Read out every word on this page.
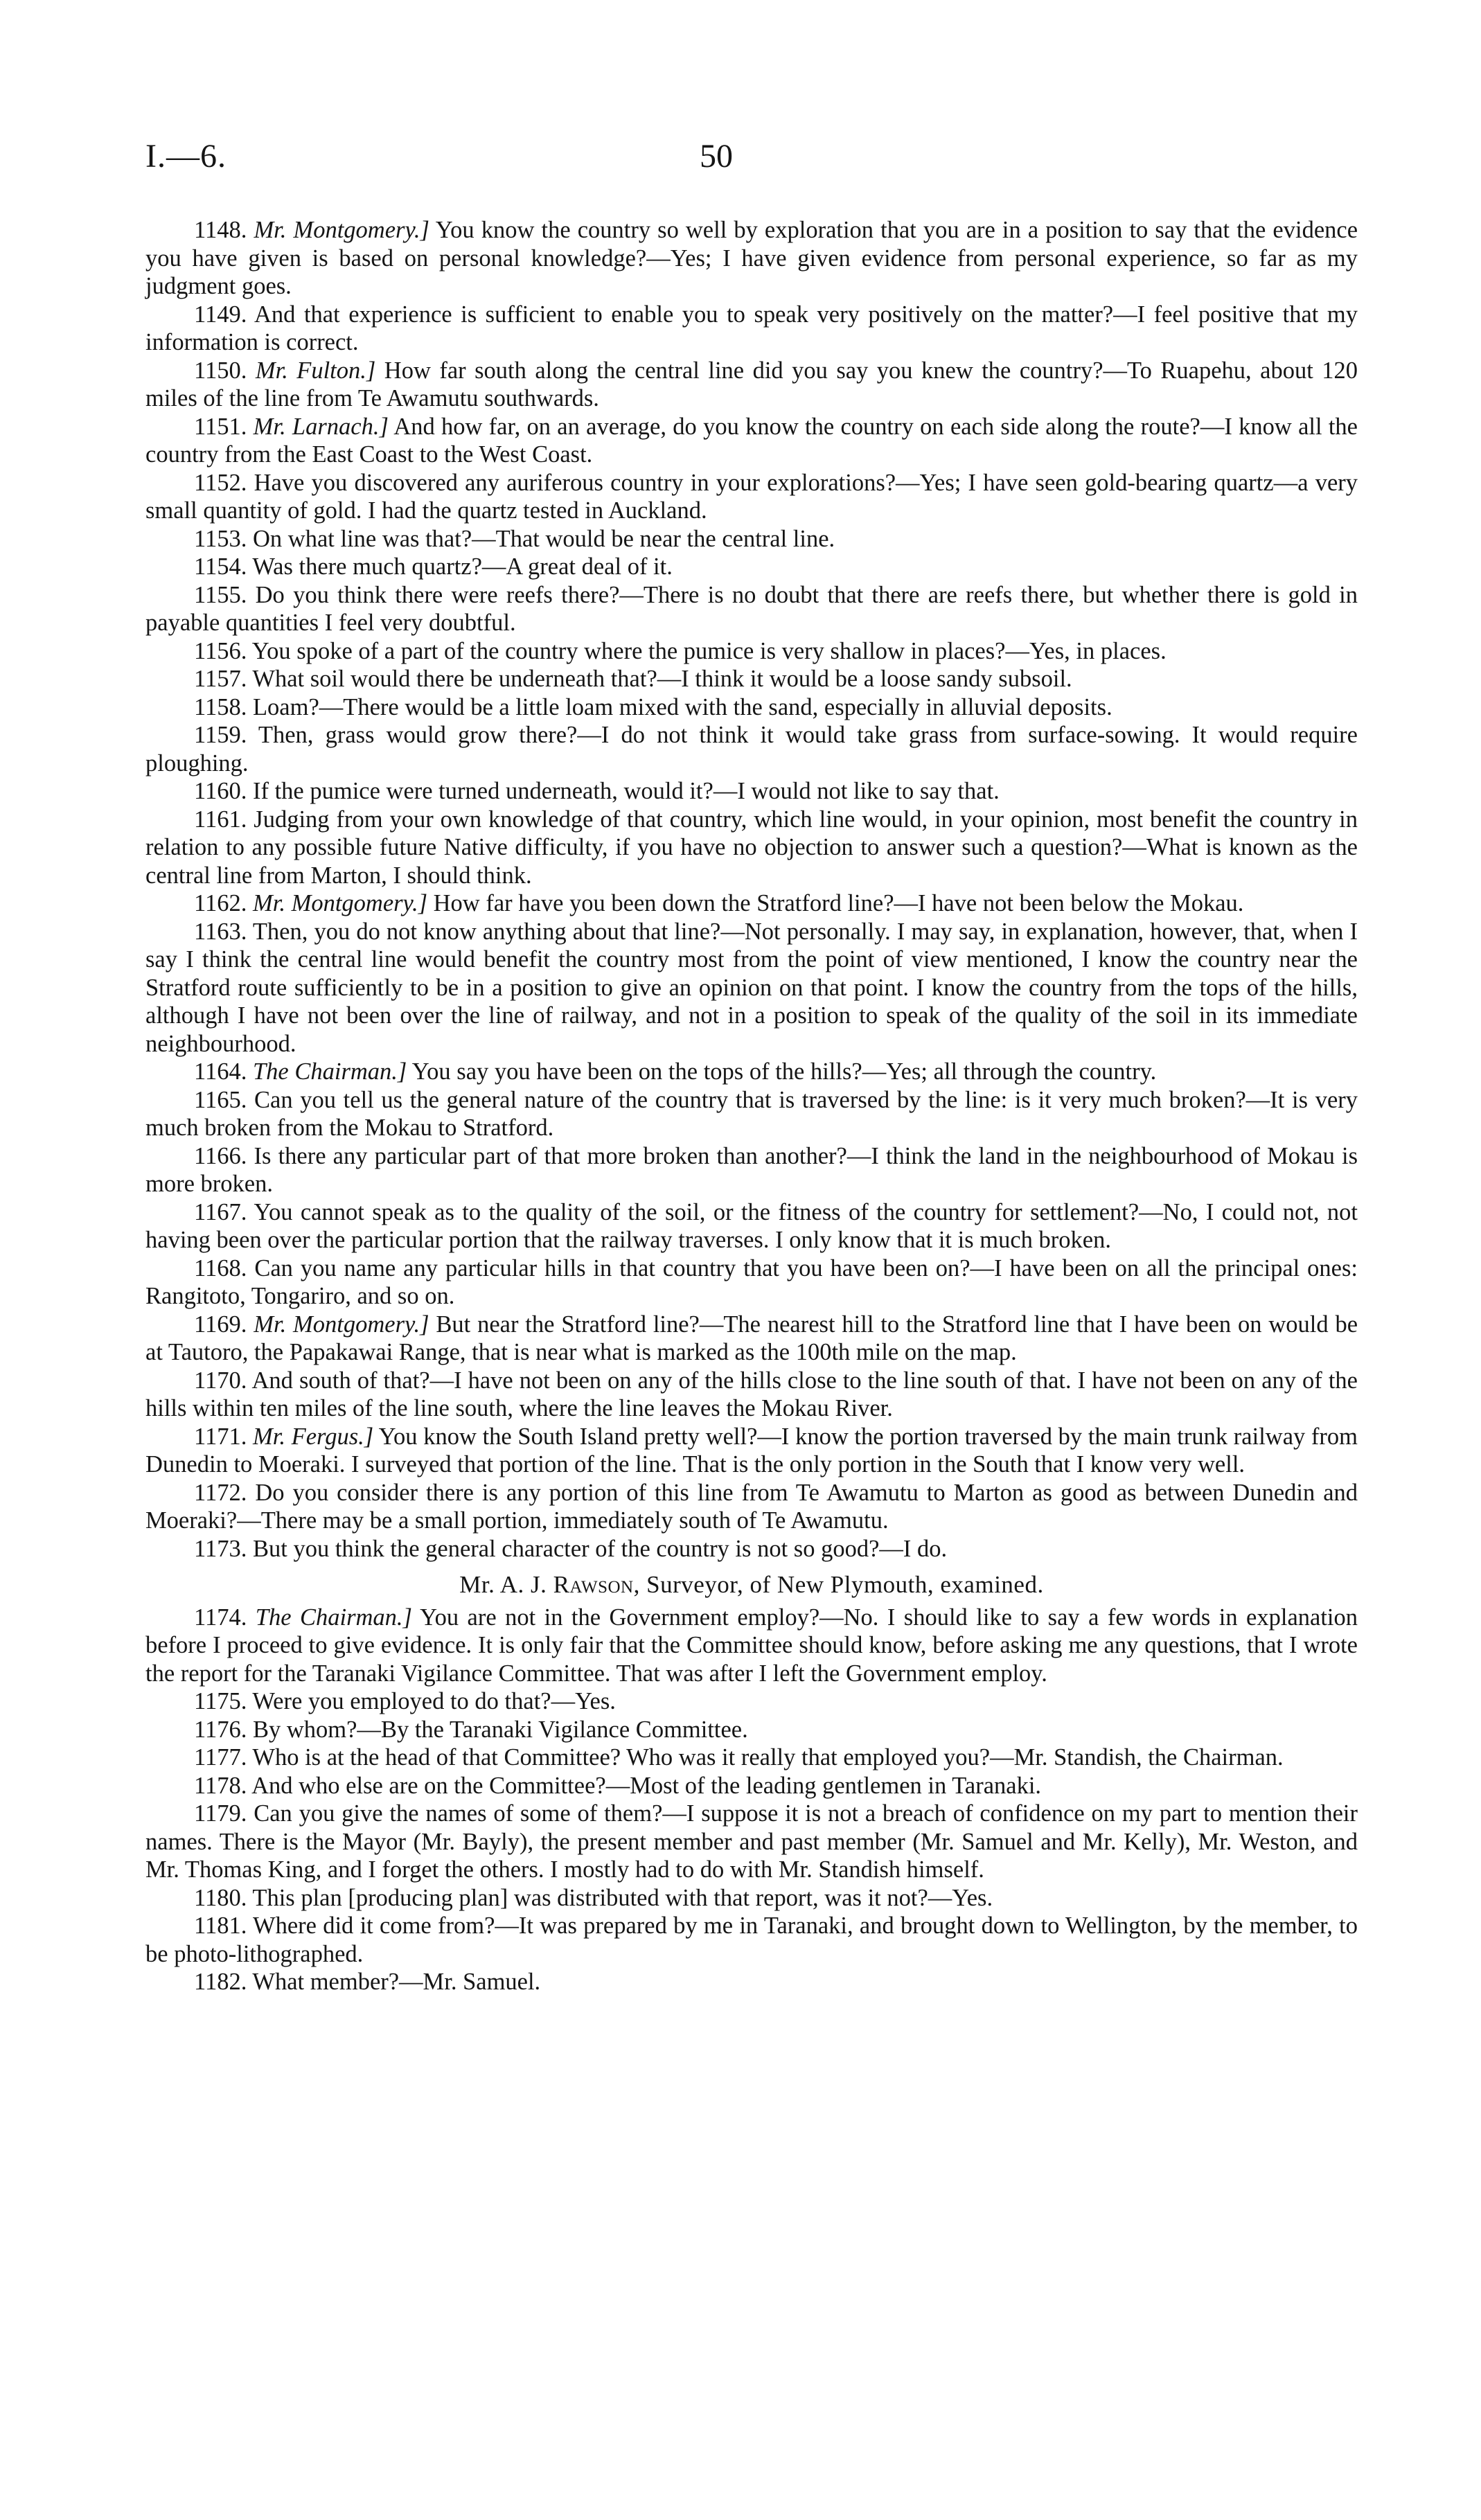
I.—6.	50

1148. Mr. Montgomery.] You know the country so well by exploration that you are in a position to say that the evidence you have given is based on personal knowledge?—Yes; I have given evidence from personal experience, so far as my judgment goes.

1149. And that experience is sufficient to enable you to speak very positively on the matter?—I feel positive that my information is correct.

1150. Mr. Fulton.] How far south along the central line did you say you knew the country?—To Ruapehu, about 120 miles of the line from Te Awamutu southwards.

1151. Mr. Larnach.] And how far, on an average, do you know the country on each side along the route?—I know all the country from the East Coast to the West Coast.

1152. Have you discovered any auriferous country in your explorations?—Yes; I have seen gold-bearing quartz—a very small quantity of gold. I had the quartz tested in Auckland.

1153. On what line was that?—That would be near the central line.

1154. Was there much quartz?—A great deal of it.

1155. Do you think there were reefs there?—There is no doubt that there are reefs there, but whether there is gold in payable quantities I feel very doubtful.

1156. You spoke of a part of the country where the pumice is very shallow in places?—Yes, in places.

1157. What soil would there be underneath that?—I think it would be a loose sandy subsoil.

1158. Loam?—There would be a little loam mixed with the sand, especially in alluvial deposits.

1159. Then, grass would grow there?—I do not think it would take grass from surface-sowing. It would require ploughing.

1160. If the pumice were turned underneath, would it?—I would not like to say that.

1161. Judging from your own knowledge of that country, which line would, in your opinion, most benefit the country in relation to any possible future Native difficulty, if you have no objection to answer such a question?—What is known as the central line from Marton, I should think.

1162. Mr. Montgomery.] How far have you been down the Stratford line?—I have not been below the Mokau.

1163. Then, you do not know anything about that line?—Not personally. I may say, in explanation, however, that, when I say I think the central line would benefit the country most from the point of view mentioned, I know the country near the Stratford route sufficiently to be in a position to give an opinion on that point. I know the country from the tops of the hills, although I have not been over the line of railway, and not in a position to speak of the quality of the soil in its immediate neighbourhood.

1164. The Chairman.] You say you have been on the tops of the hills?—Yes; all through the country.

1165. Can you tell us the general nature of the country that is traversed by the line: is it very much broken?—It is very much broken from the Mokau to Stratford.

1166. Is there any particular part of that more broken than another?—I think the land in the neighbourhood of Mokau is more broken.

1167. You cannot speak as to the quality of the soil, or the fitness of the country for settlement?—No, I could not, not having been over the particular portion that the railway traverses. I only know that it is much broken.

1168. Can you name any particular hills in that country that you have been on?—I have been on all the principal ones: Rangitoto, Tongariro, and so on.

1169. Mr. Montgomery.] But near the Stratford line?—The nearest hill to the Stratford line that I have been on would be at Tautoro, the Papakawai Range, that is near what is marked as the 100th mile on the map.

1170. And south of that?—I have not been on any of the hills close to the line south of that. I have not been on any of the hills within ten miles of the line south, where the line leaves the Mokau River.

1171. Mr. Fergus.] You know the South Island pretty well?—I know the portion traversed by the main trunk railway from Dunedin to Moeraki. I surveyed that portion of the line. That is the only portion in the South that I know very well.

1172. Do you consider there is any portion of this line from Te Awamutu to Marton as good as between Dunedin and Moeraki?—There may be a small portion, immediately south of Te Awamutu.

1173. But you think the general character of the country is not so good?—I do.

Mr. A. J. Rawson, Surveyor, of New Plymouth, examined.

1174. The Chairman.] You are not in the Government employ?—No. I should like to say a few words in explanation before I proceed to give evidence. It is only fair that the Committee should know, before asking me any questions, that I wrote the report for the Taranaki Vigilance Committee. That was after I left the Government employ.

1175. Were you employed to do that?—Yes.

1176. By whom?—By the Taranaki Vigilance Committee.

1177. Who is at the head of that Committee? Who was it really that employed you?—Mr. Standish, the Chairman.

1178. And who else are on the Committee?—Most of the leading gentlemen in Taranaki.

1179. Can you give the names of some of them?—I suppose it is not a breach of confidence on my part to mention their names. There is the Mayor (Mr. Bayly), the present member and past member (Mr. Samuel and Mr. Kelly), Mr. Weston, and Mr. Thomas King, and I forget the others. I mostly had to do with Mr. Standish himself.

1180. This plan [producing plan] was distributed with that report, was it not?—Yes.

1181. Where did it come from?—It was prepared by me in Taranaki, and brought down to Wellington, by the member, to be photo-lithographed.

1182. What member?—Mr. Samuel.
